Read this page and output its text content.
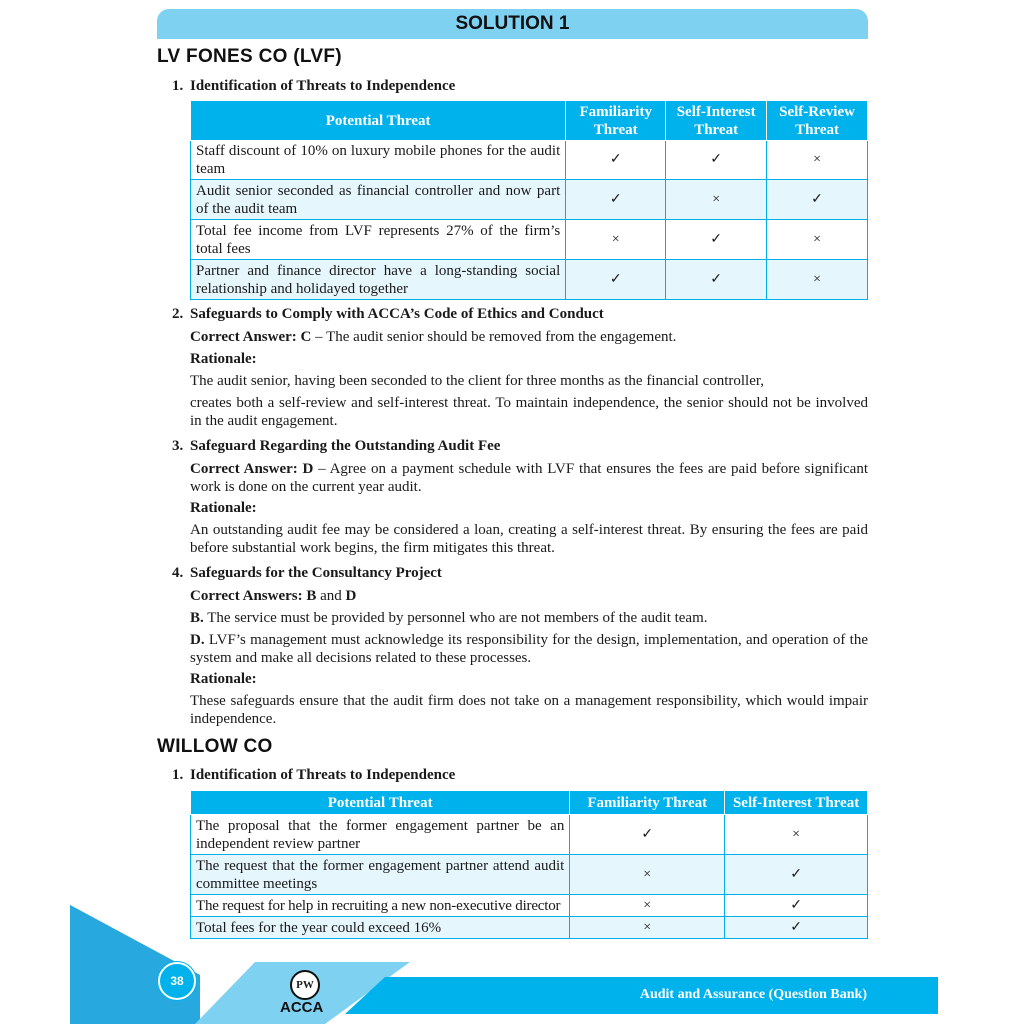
SOLUTION 1
LV FONES CO (LVF)
1. Identification of Threats to Independence
Potential Threat	Familiarity Threat	Self-Interest Threat	Self-Review Threat
Staff discount of 10% on luxury mobile phones for the audit team	✓	✓	×
Audit senior seconded as financial controller and now part of the audit team	✓	×	✓
Total fee income from LVF represents 27% of the firm’s total fees	×	✓	×
Partner and finance director have a long-standing social relationship and holidayed together	✓	✓	×
2. Safeguards to Comply with ACCA’s Code of Ethics and Conduct
Correct Answer: C – The audit senior should be removed from the engagement.
Rationale:
The audit senior, having been seconded to the client for three months as the financial controller,
creates both a self-review and self-interest threat. To maintain independence, the senior should not be involved in the audit engagement.
3. Safeguard Regarding the Outstanding Audit Fee
Correct Answer: D – Agree on a payment schedule with LVF that ensures the fees are paid before significant work is done on the current year audit.
Rationale:
An outstanding audit fee may be considered a loan, creating a self-interest threat. By ensuring the fees are paid before substantial work begins, the firm mitigates this threat.
4. Safeguards for the Consultancy Project
Correct Answers: B and D
B. The service must be provided by personnel who are not members of the audit team.
D. LVF’s management must acknowledge its responsibility for the design, implementation, and operation of the system and make all decisions related to these processes.
Rationale:
These safeguards ensure that the audit firm does not take on a management responsibility, which would impair independence.
WILLOW CO
1. Identification of Threats to Independence
Potential Threat	Familiarity Threat	Self-Interest Threat
The proposal that the former engagement partner be an independent review partner	✓	×
The request that the former engagement partner attend audit committee meetings	×	✓
The request for help in recruiting a new non-executive director	×	✓
Total fees for the year could exceed 16%	×	✓
38	PW
ACCA
Audit and Assurance (Question Bank)
